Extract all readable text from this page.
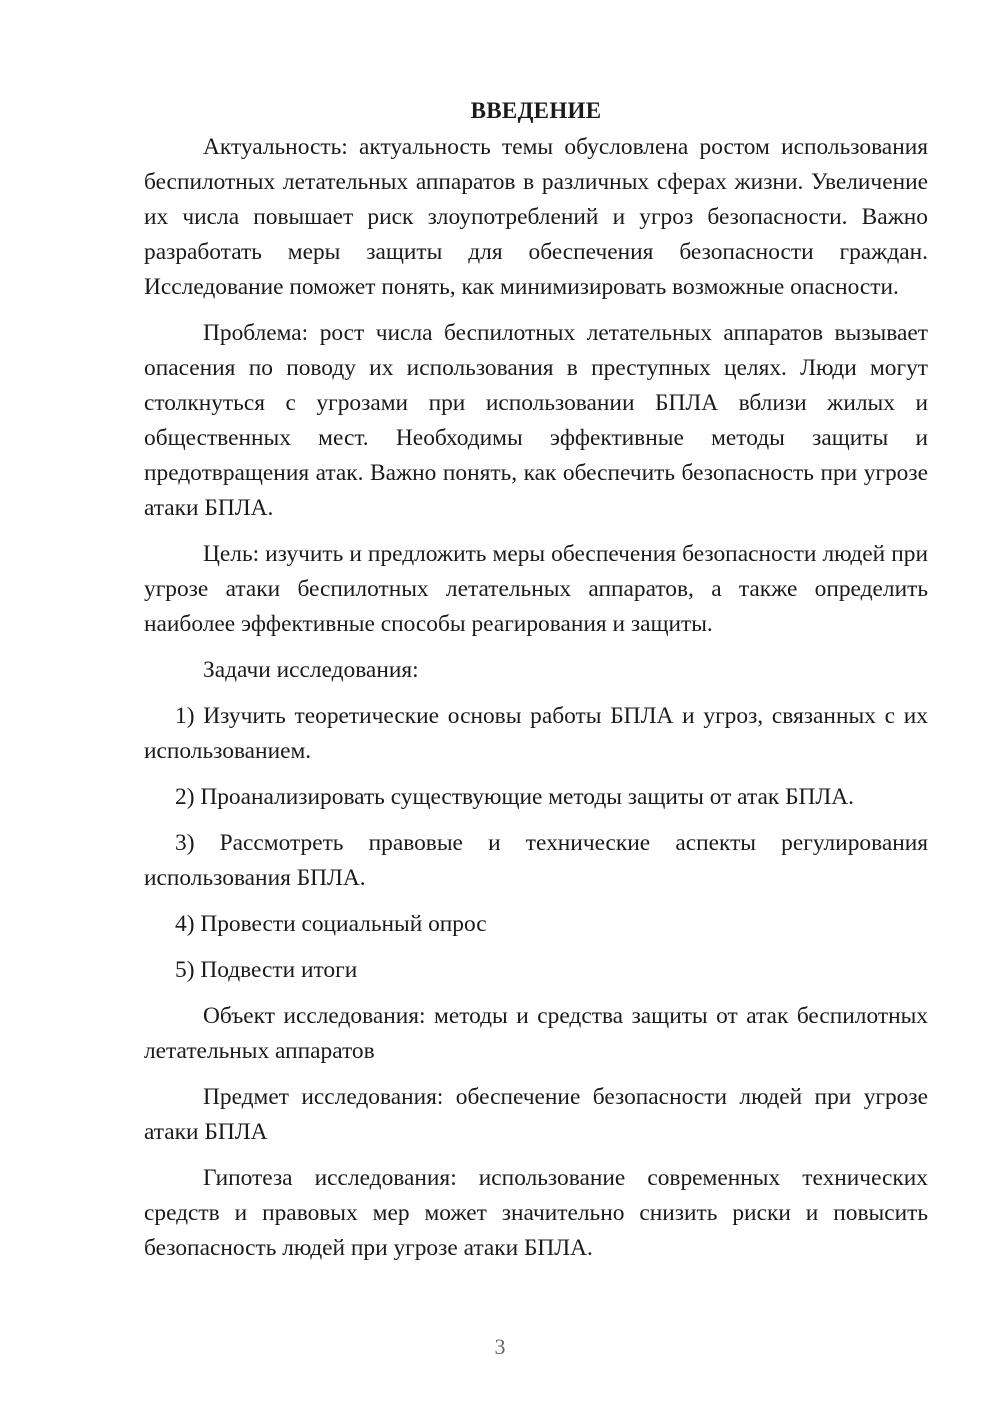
ВВЕДЕНИЕ

Актуальность: актуальность темы обусловлена ростом использования беспилотных летательных аппаратов в различных сферах жизни. Увеличение их числа повышает риск злоупотреблений и угроз безопасности. Важно разработать меры защиты для обеспечения безопасности граждан. Исследование поможет понять, как минимизировать возможные опасности.

Проблема: рост числа беспилотных летательных аппаратов вызывает опасения по поводу их использования в преступных целях. Люди могут столкнуться с угрозами при использовании БПЛА вблизи жилых и общественных мест. Необходимы эффективные методы защиты и предотвращения атак. Важно понять, как обеспечить безопасность при угрозе атаки БПЛА.

Цель: изучить и предложить меры обеспечения безопасности людей при угрозе атаки беспилотных летательных аппаратов, а также определить наиболее эффективные способы реагирования и защиты.

Задачи исследования:

1) Изучить теоретические основы работы БПЛА и угроз, связанных с их использованием.

2) Проанализировать существующие методы защиты от атак БПЛА.

3) Рассмотреть правовые и технические аспекты регулирования использования БПЛА.

4) Провести социальный опрос

5) Подвести итоги

Объект исследования: методы и средства защиты от атак беспилотных летательных аппаратов

Предмет исследования: обеспечение безопасности людей при угрозе атаки БПЛА

Гипотеза исследования: использование современных технических средств и правовых мер может значительно снизить риски и повысить безопасность людей при угрозе атаки БПЛА.

3
